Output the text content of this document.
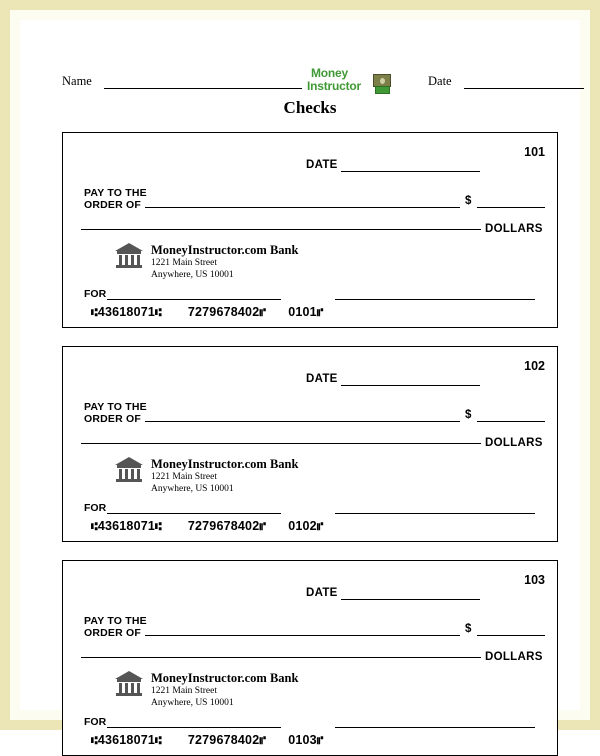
Name	Date
Money
Instructor
Checks
101
DATE
PAY TO THE
ORDER OF	$
DOLLARS
MoneyInstructor.com Bank
1221 Main Street
Anywhere, US 10001
FOR
⑆43618071⑆ 7279678402⑈ 0101⑈
102
DATE
PAY TO THE
ORDER OF	$
DOLLARS
MoneyInstructor.com Bank
1221 Main Street
Anywhere, US 10001
FOR
⑆43618071⑆ 7279678402⑈ 0102⑈
103
DATE
PAY TO THE
ORDER OF	$
DOLLARS
MoneyInstructor.com Bank
1221 Main Street
Anywhere, US 10001
FOR
⑆43618071⑆ 7279678402⑈ 0103⑈
